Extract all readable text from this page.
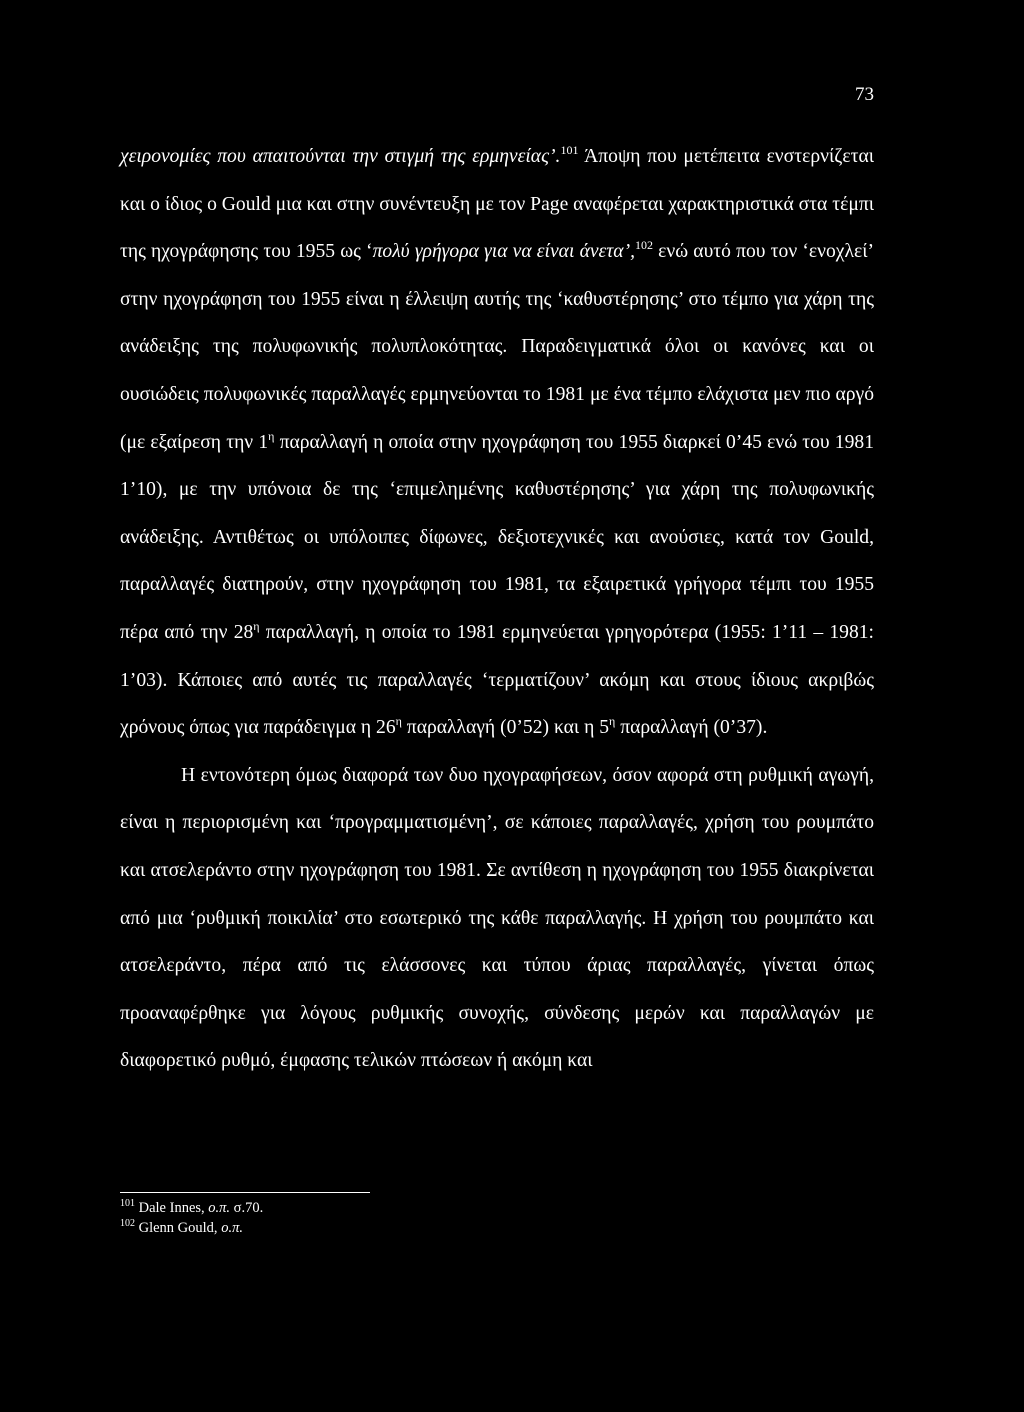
73

χειρονομίες που απαιτούνται την στιγμή της ερμηνείας’.$^{101}$ Άποψη που μετέπειτα ενστερνίζεται και ο ίδιος ο Gould μια και στην συνέντευξη με τον Page αναφέρεται χαρακτηριστικά στα τέμπι της ηχογράφησης του 1955 ως ‘πολύ γρήγορα για να είναι άνετα’,$^{102}$ ενώ αυτό που τον ‘ενοχλεί’ στην ηχογράφηση του 1955 είναι η έλλειψη αυτής της ‘καθυστέρησης’ στο τέμπο για χάρη της ανάδειξης της πολυφωνικής πολυπλοκότητας. Παραδειγματικά όλοι οι κανόνες και οι ουσιώδεις πολυφωνικές παραλλαγές ερμηνεύονται το 1981 με ένα τέμπο ελάχιστα μεν πιο αργό (με εξαίρεση την $1^\eta$ παραλλαγή η οποία στην ηχογράφηση του 1955 διαρκεί 0’45 ενώ του 1981 1’10), με την υπόνοια δε της ‘επιμελημένης καθυστέρησης’ για χάρη της πολυφωνικής ανάδειξης. Αντιθέτως οι υπόλοιπες δίφωνες, δεξιοτεχνικές και ανούσιες, κατά τον Gould, παραλλαγές διατηρούν, στην ηχογράφηση του 1981, τα εξαιρετικά γρήγορα τέμπι του 1955 πέρα από την $28^\eta$ παραλλαγή, η οποία το 1981 ερμηνεύεται γρηγορότερα (1955: 1’11 – 1981: 1’03). Κάποιες από αυτές τις παραλλαγές ‘τερματίζουν’ ακόμη και στους ίδιους ακριβώς χρόνους όπως για παράδειγμα η $26^\eta$ παραλλαγή (0’52) και η $5^\eta$ παραλλαγή (0’37).

Η εντονότερη όμως διαφορά των δυο ηχογραφήσεων, όσον αφορά στη ρυθμική αγωγή, είναι η περιορισμένη και ‘προγραμματισμένη’, σε κάποιες παραλλαγές, χρήση του ρουμπάτο και ατσελεράντο στην ηχογράφηση του 1981. Σε αντίθεση η ηχογράφηση του 1955 διακρίνεται από μια ‘ρυθμική ποικιλία’ στο εσωτερικό της κάθε παραλλαγής. Η χρήση του ρουμπάτο και ατσελεράντο, πέρα από τις ελάσσονες και τύπου άριας παραλλαγές, γίνεται όπως προαναφέρθηκε για λόγους ρυθμικής συνοχής, σύνδεσης μερών και παραλλαγών με διαφορετικό ρυθμό, έμφασης τελικών πτώσεων ή ακόμη και

$^{101}$ Dale Innes, ο.π. σ.70.

$^{102}$ Glenn Gould, ο.π.
